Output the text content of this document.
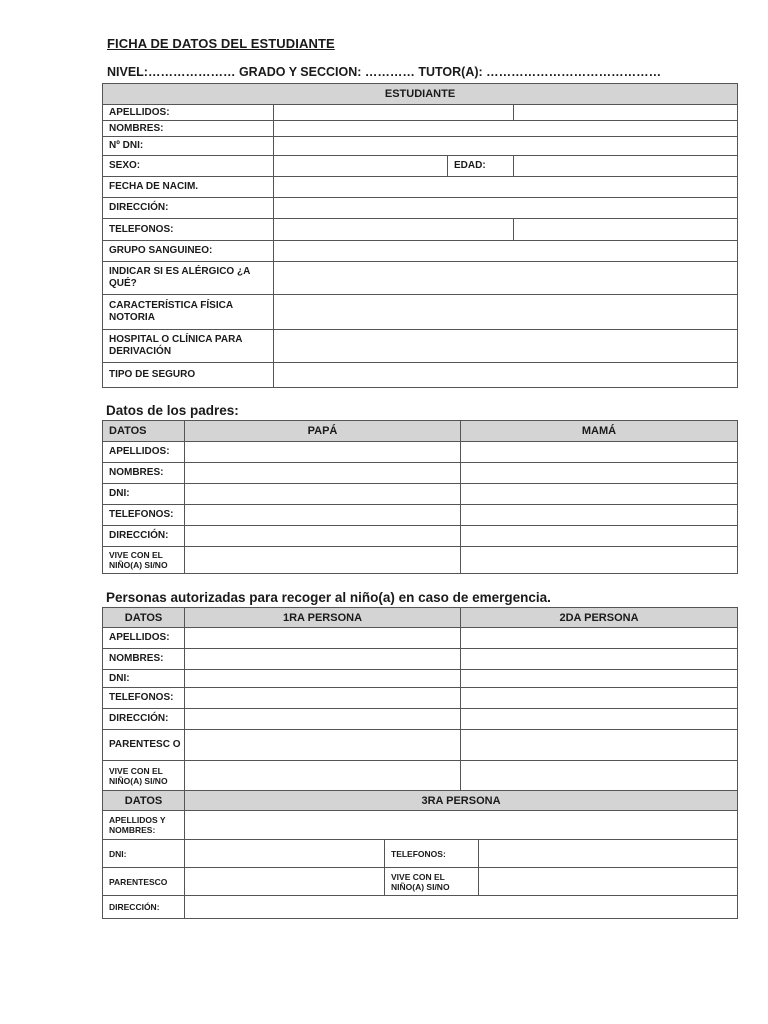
FICHA DE DATOS DEL ESTUDIANTE
NIVEL:………………… GRADO Y SECCION: ………… TUTOR(A): ……………………………………
ESTUDIANTE			
APELLIDOS:			
NOMBRES:			
Nº DNI:			
SEXO:		EDAD:	
FECHA DE NACIM.			
DIRECCIÓN:			
TELEFONOS:			
GRUPO SANGUINEO:			
INDICAR SI ES ALÉRGICO ¿A QUÉ?			
CARACTERÍSTICA FÍSICA NOTORIA			
HOSPITAL O CLÍNICA PARA DERIVACIÓN			
TIPO DE SEGURO			
Datos de los padres:
DATOS	PAPÁ	MAMÁ
APELLIDOS:		
NOMBRES:		
DNI:		
TELEFONOS:		
DIRECCIÓN:		
VIVE CON EL NIÑO(A) SI/NO		
Personas autorizadas para recoger al niño(a) en caso de emergencia.
DATOS	1RA PERSONA		2DA PERSONA	
APELLIDOS:				
NOMBRES:				
DNI:				
TELEFONOS:				
DIRECCIÓN:				
PARENTESC O				
VIVE CON EL NIÑO(A) SI/NO				
DATOS	3RA PERSONA			
APELLIDOS Y NOMBRES:				
DNI:		TELEFONOS:		
PARENTESCO		VIVE CON EL NIÑO(A) SI/NO		
DIRECCIÓN:				
